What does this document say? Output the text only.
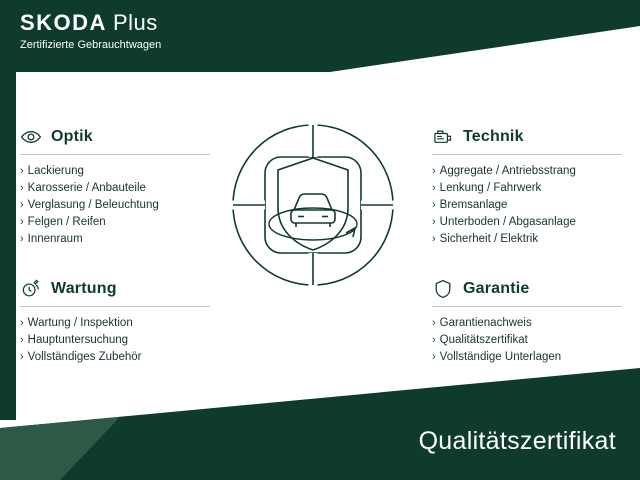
SKODA Plus
Zertifizierte Gebrauchtwagen
Optik
› Lackierung
› Karosserie / Anbauteile
› Verglasung / Beleuchtung
› Felgen / Reifen
› Innenraum
Wartung
› Wartung / Inspektion
› Hauptuntersuchung
› Vollständiges Zubehör
Technik
› Aggregate / Antriebsstrang
› Lenkung / Fahrwerk
› Bremsanlage
› Unterboden / Abgasanlage
› Sicherheit / Elektrik
Garantie
› Garantienachweis
› Qualitätszertifikat
› Vollständige Unterlagen
Qualitätszertifikat
